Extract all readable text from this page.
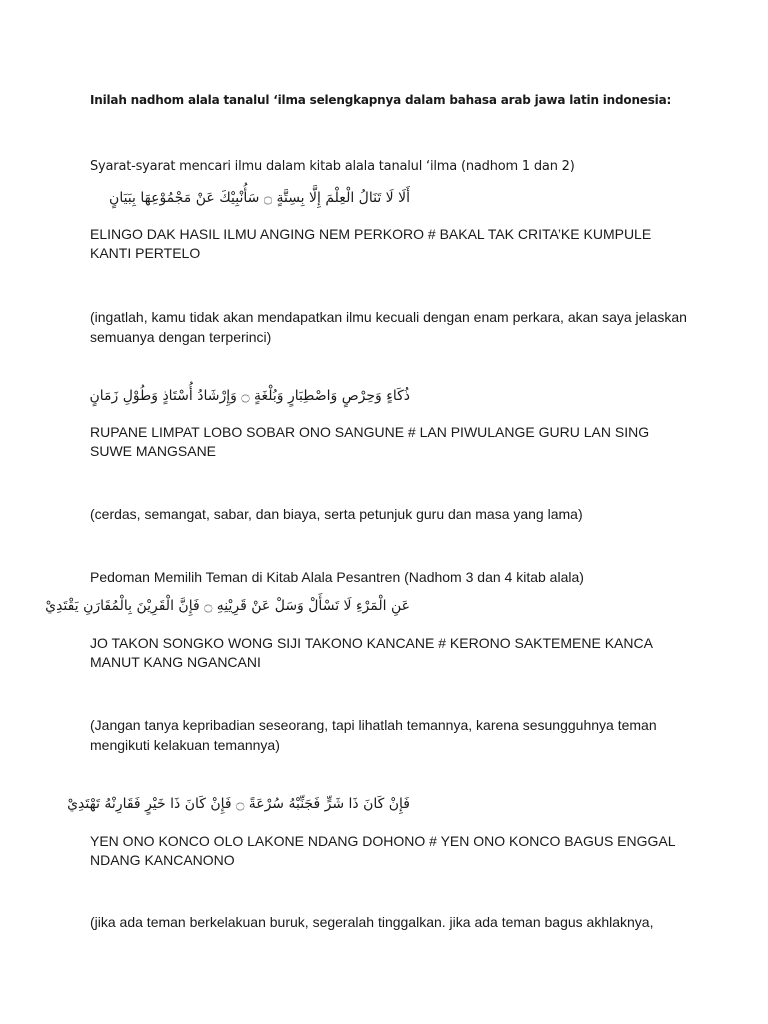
Inilah nadhom alala tanalul ‘ilma selengkapnya dalam bahasa arab jawa latin indonesia:

Syarat-syarat mencari ilmu dalam kitab alala tanalul ‘ilma (nadhom 1 dan 2)

أَلَا لَا تَنَالُ الْعِلْمَ إِلَّا بِسِتَّةٍ ۝ سَأُنْبِيْكَ عَنْ مَجْمُوْعِهَا بِبَيَانٍ

ELINGO DAK HASIL ILMU ANGING NEM PERKORO # BAKAL TAK CRITA’KE KUMPULE KANTI PERTELO

(ingatlah, kamu tidak akan mendapatkan ilmu kecuali dengan enam perkara, akan saya jelaskan semuanya dengan terperinci)

ذُكَاءٍ وَحِرْصٍ وَاصْطِبَارٍ وَبُلْغَةٍ ۝ وَإِرْشَادُ أُسْتَاذٍ وَطُوْلِ زَمَانٍ

RUPANE LIMPAT LOBO SOBAR ONO SANGUNE # LAN PIWULANGE GURU LAN SING SUWE MANGSANE

(cerdas, semangat, sabar, dan biaya, serta petunjuk guru dan masa yang lama)

Pedoman Memilih Teman di Kitab Alala Pesantren (Nadhom 3 dan 4 kitab alala)

عَنِ الْمَرْءِ لَا تَسْأَلْ وَسَلْ عَنْ قَرِيْنِهِ ۝ فَإِنَّ الْقَرِيْنَ بِالْمُقَارَنِ يَقْتَدِيْ

JO TAKON SONGKO WONG SIJI TAKONO KANCANE # KERONO SAKTEMENE KANCA MANUT KANG NGANCANI

(Jangan tanya kepribadian seseorang, tapi lihatlah temannya, karena sesungguhnya teman mengikuti kelakuan temannya)

فَإِنْ كَانَ ذَا شَرٍّ فَجَنِّبْهُ سُرْعَةً ۝ فَإِنْ كَانَ ذَا خَيْرٍ فَقَارِنْهُ تَهْتَدِيْ

YEN ONO KONCO OLO LAKONE NDANG DOHONO # YEN ONO KONCO BAGUS ENGGAL NDANG KANCANONO

(jika ada teman berkelakuan buruk, segeralah tinggalkan. jika ada teman bagus akhlaknya,
